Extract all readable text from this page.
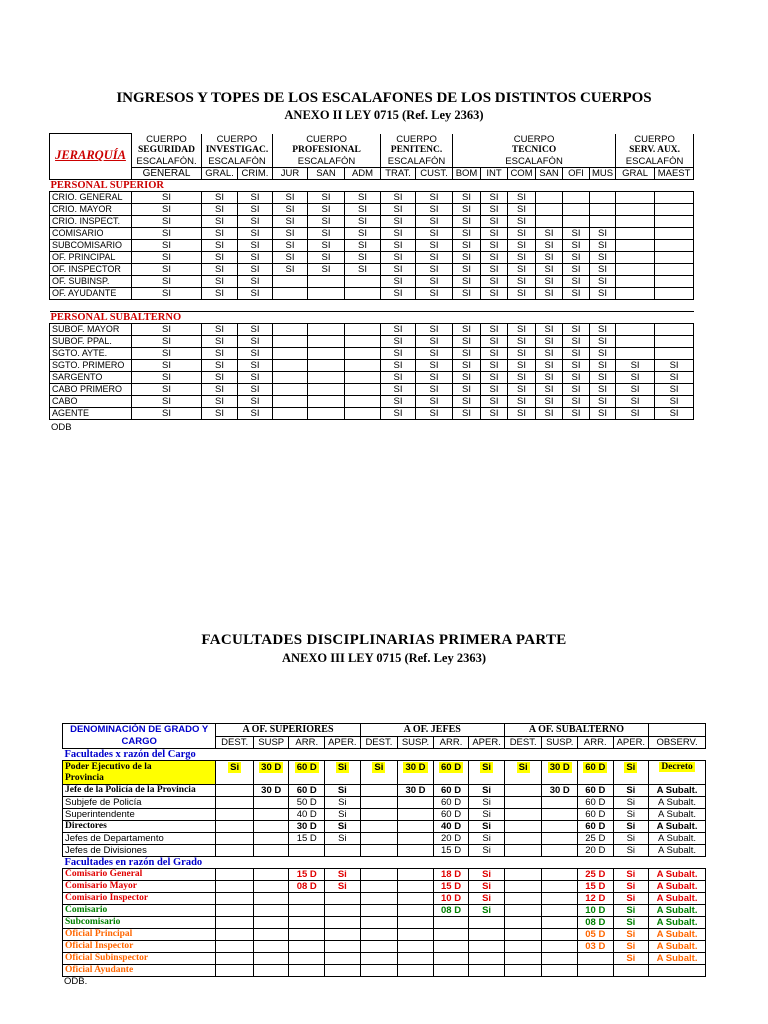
INGRESOS Y TOPES DE LOS ESCALAFONES DE LOS DISTINTOS CUERPOS
ANEXO II LEY 0715 (Ref. Ley 2363)
JERARQUÍA	CUERPO	CUERPO		CUERPO			CUERPO		CUERPO						CUERPO	
	SEGURIDAD	INVESTIGAC.		PROFESIONAL			PENITENC.		TÉCNICO						SERV. AUX.	
	ESCALAFÓN.	ESCALAFÓN		ESCALAFÓN			ESCALAFÓN		ESCALAFÓN						ESCALAFÓN	
	GENERAL	GRAL.	CRIM.	JUR	SAN	ADM	TRAT.	CUST.	BOM	INT	COM	SAN	OFI	MUS	GRAL	MAEST
PERSONAL SUPERIOR																
CRIO. GENERAL	SI	SI	SI	SI	SI	SI	SI	SI	SI	SI	SI					
CRIO. MAYOR	SI	SI	SI	SI	SI	SI	SI	SI	SI	SI	SI					
CRIO. INSPECT.	SI	SI	SI	SI	SI	SI	SI	SI	SI	SI	SI					
COMISARIO	SI	SI	SI	SI	SI	SI	SI	SI	SI	SI	SI	SI	SI	SI		
SUBCOMISARIO	SI	SI	SI	SI	SI	SI	SI	SI	SI	SI	SI	SI	SI	SI		
OF. PRINCIPAL	SI	SI	SI	SI	SI	SI	SI	SI	SI	SI	SI	SI	SI	SI		
OF. INSPECTOR	SI	SI	SI	SI	SI	SI	SI	SI	SI	SI	SI	SI	SI	SI		
OF. SUBINSP.	SI	SI	SI				SI	SI	SI	SI	SI	SI	SI	SI		
OF. AYUDANTE	SI	SI	SI				SI	SI	SI	SI	SI	SI	SI	SI		

PERSONAL SUBALTERNO																
SUBOF. MAYOR	SI	SI	SI				SI	SI	SI	SI	SI	SI	SI	SI		
SUBOF. PPAL.	SI	SI	SI				SI	SI	SI	SI	SI	SI	SI	SI		
SGTO. AYTE.	SI	SI	SI				SI	SI	SI	SI	SI	SI	SI	SI		
SGTO. PRIMERO	SI	SI	SI				SI	SI	SI	SI	SI	SI	SI	SI	SI	SI
SARGENTO	SI	SI	SI				SI	SI	SI	SI	SI	SI	SI	SI	SI	SI
CABO PRIMERO	SI	SI	SI				SI	SI	SI	SI	SI	SI	SI	SI	SI	SI
CABO	SI	SI	SI				SI	SI	SI	SI	SI	SI	SI	SI	SI	SI
AGENTE	SI	SI	SI				SI	SI	SI	SI	SI	SI	SI	SI	SI	SI
ODB
FACULTADES DISCIPLINARIAS PRIMERA PARTE
ANEXO III LEY 0715 (Ref. Ley 2363)
DENOMINACIÓN DE GRADO Y CARGO	A OF. SUPERIORES				A OF. JEFES				A OF. SUBALTERNO				
	DEST.	SUSP	ARR.	APER.	DEST.	SUSP.	ARR.	APER.	DEST.	SUSP.	ARR.	APER.	OBSERV.
Facultades x razón del Cargo													
Poder Ejecutivo de la	Si	30 D	60 D	Si	Si	30 D	60 D	Si	Si	30 D	60 D	Si	Decreto
Provincia													
Jefe de la Policía de la Provincia		30 D	60 D	Si		30 D	60 D	Si		30 D	60 D	Si	A Subalt.
Subjefe de Policía			50 D	Si			60 D	Si			60 D	Si	A Subalt.
Superintendente			40 D	Si			60 D	Si			60 D	Si	A Subalt.
Directores			30 D	Si			40 D	Si			60 D	Si	A Subalt.
Jefes de Departamento			15 D	Si			20 D	Si			25 D	Si	A Subalt.
Jefes de Divisiones							15 D	Si			20 D	Si	A Subalt.
Facultades en razón del Grado													
Comisario General			15 D	Si			18 D	Si			25 D	Si	A Subalt.
Comisario Mayor			08 D	Si			15 D	Si			15 D	Si	A Subalt.
Comisario Inspector							10 D	Si			12 D	Si	A Subalt.
Comisario							08 D	Si			10 D	Si	A Subalt.
Subcomisario											08 D	Si	A Subalt.
Oficial Principal											05 D	Si	A Subalt.
Oficial Inspector											03 D	Si	A Subalt.
Oficial Subinspector												Si	A Subalt.
Oficial Ayudante													
ODB.
